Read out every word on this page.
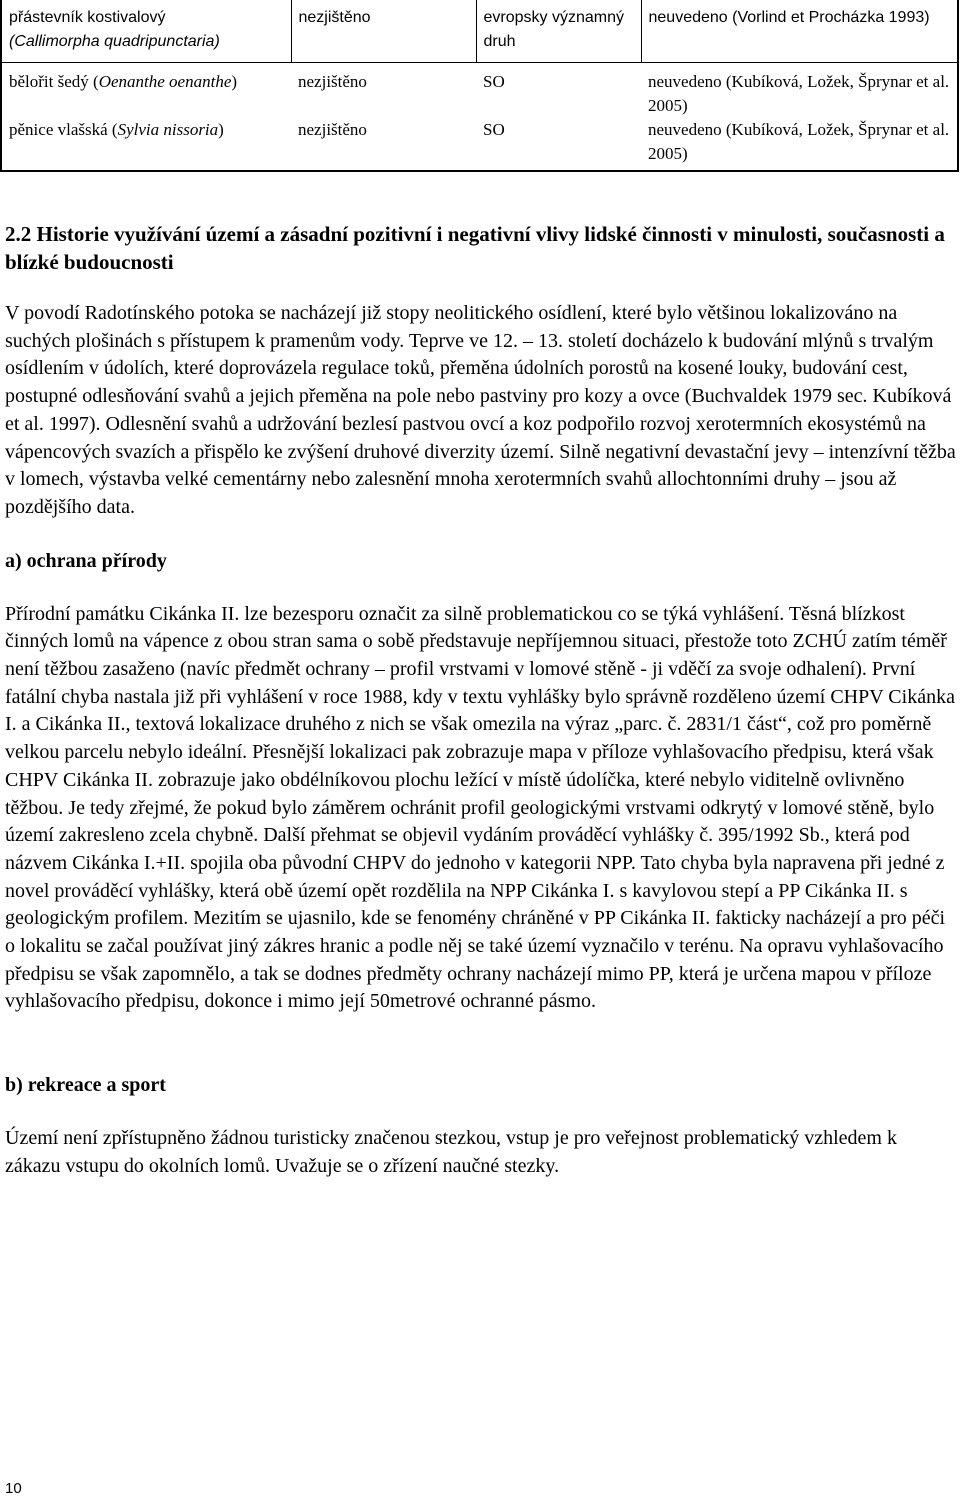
přástevník kostivalový
(Callimorpha quadripunctaria)	nezjištěno	evropsky významný druh	neuvedeno (Vorlind et Procházka 1993)
bělořit šedý (Oenanthe oenanthe)	nezjištěno	SO	neuvedeno (Kubíková, Ložek, Šprynar et al. 2005)
pěnice vlašská (Sylvia nissoria)	nezjištěno	SO	neuvedeno (Kubíková, Ložek, Šprynar et al. 2005)
2.2 Historie využívání území a zásadní pozitivní i negativní vlivy lidské činnosti v minulosti, současnosti a blízké budoucnosti

V povodí Radotínského potoka se nacházejí již stopy neolitického osídlení, které bylo většinou lokalizováno na suchých plošinách s přístupem k pramenům vody. Teprve ve 12. – 13. století docházelo k budování mlýnů s trvalým osídlením v údolích, které doprovázela regulace toků, přeměna údolních porostů na kosené louky, budování cest, postupné odlesňování svahů a jejich přeměna na pole nebo pastviny pro kozy a ovce (Buchvaldek 1979 sec. Kubíková et al. 1997). Odlesnění svahů a udržování bezlesí pastvou ovcí a koz podpořilo rozvoj xerotermních ekosystémů na vápencových svazích a přispělo ke zvýšení druhové diverzity území. Silně negativní devastační jevy – intenzívní těžba v lomech, výstavba velké cementárny nebo zalesnění mnoha xerotermních svahů allochtonními druhy – jsou až pozdějšího data.

a) ochrana přírody

Přírodní památku Cikánka II. lze bezesporu označit za silně problematickou co se týká vyhlášení. Těsná blízkost činných lomů na vápence z obou stran sama o sobě představuje nepříjemnou situaci, přestože toto ZCHÚ zatím téměř není těžbou zasaženo (navíc předmět ochrany – profil vrstvami v lomové stěně - ji vděčí za svoje odhalení). První fatální chyba nastala již při vyhlášení v roce 1988, kdy v textu vyhlášky bylo správně rozděleno území CHPV Cikánka I. a Cikánka II., textová lokalizace druhého z nich se však omezila na výraz „parc. č. 2831/1 část“, což pro poměrně velkou parcelu nebylo ideální. Přesnější lokalizaci pak zobrazuje mapa v příloze vyhlašovacího předpisu, která však CHPV Cikánka II. zobrazuje jako obdélníkovou plochu ležící v místě údolíčka, které nebylo viditelně ovlivněno těžbou. Je tedy zřejmé, že pokud bylo záměrem ochránit profil geologickými vrstvami odkrytý v lomové stěně, bylo území zakresleno zcela chybně. Další přehmat se objevil vydáním prováděcí vyhlášky č. 395/1992 Sb., která pod názvem Cikánka I.+II. spojila oba původní CHPV do jednoho v kategorii NPP. Tato chyba byla napravena při jedné z novel prováděcí vyhlášky, která obě území opět rozdělila na NPP Cikánka I. s kavylovou stepí a PP Cikánka II. s geologickým profilem. Mezitím se ujasnilo, kde se fenomény chráněné v PP Cikánka II. fakticky nacházejí a pro péči o lokalitu se začal používat jiný zákres hranic a podle něj se také území vyznačilo v terénu. Na opravu vyhlašovacího předpisu se však zapomnělo, a tak se dodnes předměty ochrany nacházejí mimo PP, která je určena mapou v příloze vyhlašovacího předpisu, dokonce i mimo její 50metrové ochranné pásmo.

b) rekreace a sport

Území není zpřístupněno žádnou turisticky značenou stezkou, vstup je pro veřejnost problematický vzhledem k zákazu vstupu do okolních lomů. Uvažuje se o zřízení naučné stezky.

10
